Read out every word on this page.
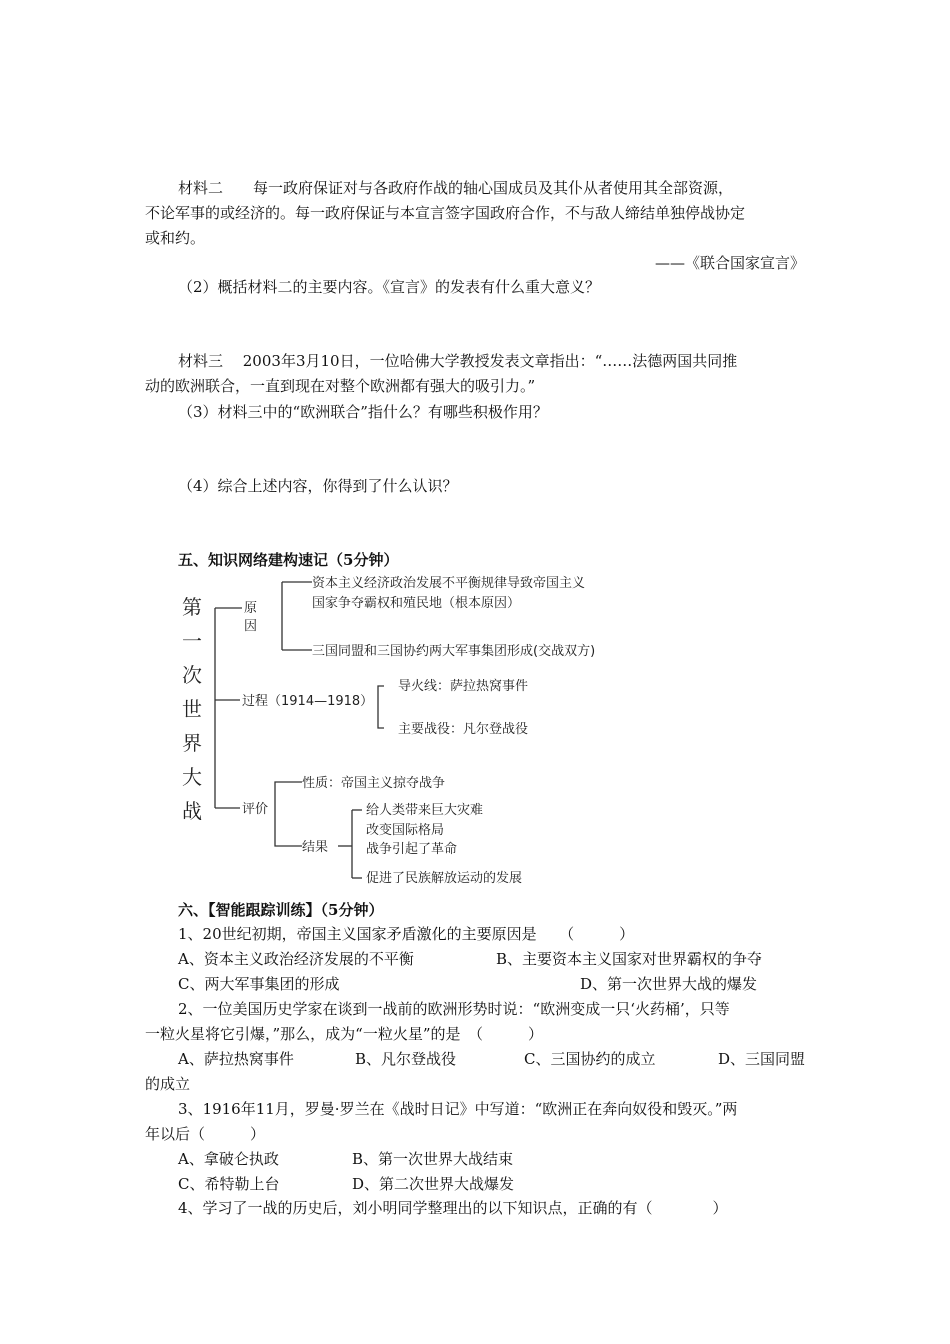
材料二　　每一政府保证对与各政府作战的轴心国成员及其仆从者使用其全部资源，
不论军事的或经济的。每一政府保证与本宣言签字国政府合作，不与敌人缔结单独停战协定
或和约。
——《联合国家宣言》
（2）概括材料二的主要内容。《宣言》的发表有什么重大意义？
材料三　 2003年3月10日，一位哈佛大学教授发表文章指出：“……法德两国共同推
动的欧洲联合，一直到现在对整个欧洲都有强大的吸引力。”
（3）材料三中的“欧洲联合”指什么？有哪些积极作用？
（4）综合上述内容，你得到了什么认识？
五、知识网络建构速记（5分钟）
第
一
次
世
界
大
战
原
因
资本主义经济政治发展不平衡规律导致帝国主义
国家争夺霸权和殖民地（根本原因）
三国同盟和三国协约两大军事集团形成(交战双方)
过程（1914—1918）
导火线：萨拉热窝事件
主要战役：凡尔登战役
评价
性质：帝国主义掠夺战争
结果
给人类带来巨大灾难
改变国际格局
战争引起了革命
促进了民族解放运动的发展
六、【智能跟踪训练】（5分钟）
1、20世纪初期，帝国主义国家矛盾激化的主要原因是　　（　　　）
A、资本主义政治经济发展的不平衡	B、主要资本主义国家对世界霸权的争夺
C、两大军事集团的形成	D、第一次世界大战的爆发
2、一位美国历史学家在谈到一战前的欧洲形势时说：“欧洲变成一只‘火药桶’，只等
一粒火星将它引爆，”那么，成为“一粒火星”的是　（　　　）
A、萨拉热窝事件	B、凡尔登战役	C、三国协约的成立	D、三国同盟
的成立
3、1916年11月，罗曼·罗兰在《战时日记》中写道：“欧洲正在奔向奴役和毁灭。”两
年以后（　　　）
A、拿破仑执政	B、第一次世界大战结束
C、希特勒上台	D、第二次世界大战爆发
4、学习了一战的历史后，刘小明同学整理出的以下知识点，正确的有（　　　　）
